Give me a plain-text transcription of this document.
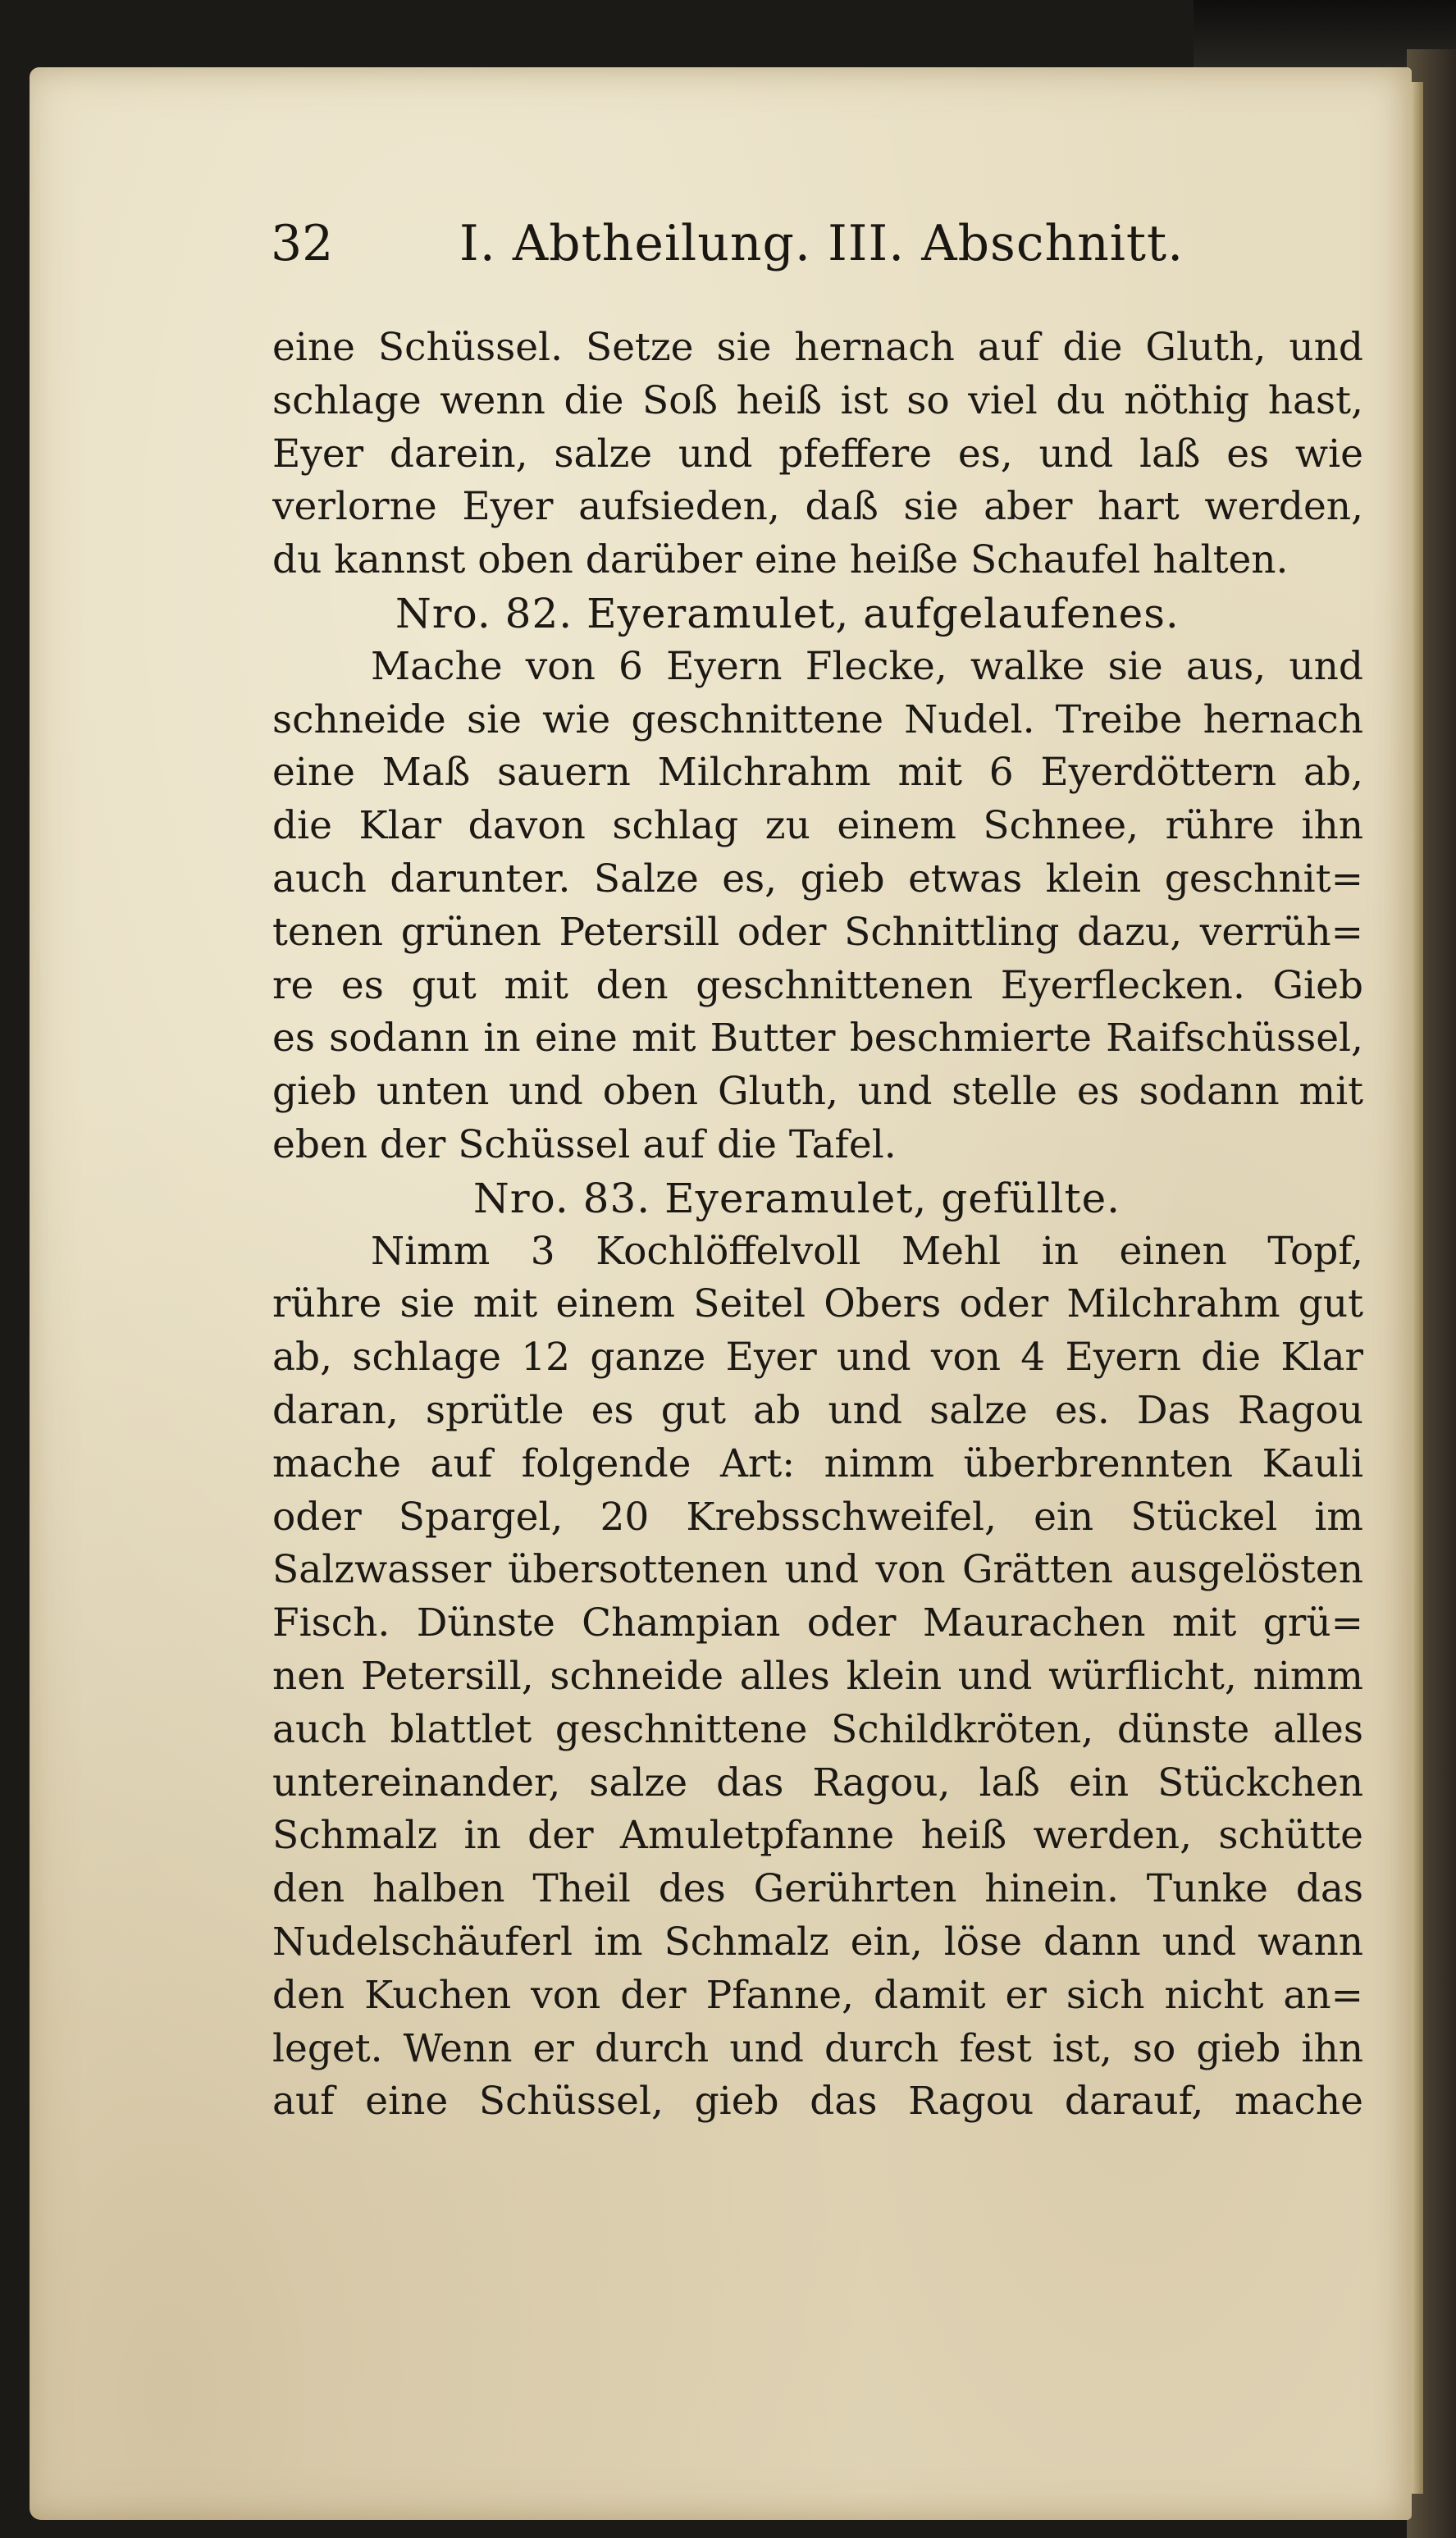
32	I. Abtheilung. III. Abschnitt.
eine Schüssel. Setze sie hernach auf die Gluth, und
schlage wenn die Soß heiß ist so viel du nöthig hast,
Eyer darein, salze und pfeffere es, und laß es wie
verlorne Eyer aufsieden, daß sie aber hart werden,
du kannst oben darüber eine heiße Schaufel halten.
Nro. 82. Eyeramulet, aufgelaufenes.
Mache von 6 Eyern Flecke, walke sie aus, und
schneide sie wie geschnittene Nudel. Treibe hernach
eine Maß sauern Milchrahm mit 6 Eyerdöttern ab,
die Klar davon schlag zu einem Schnee, rühre ihn
auch darunter. Salze es, gieb etwas klein geschnit=
tenen grünen Petersill oder Schnittling dazu, verrüh=
re es gut mit den geschnittenen Eyerflecken. Gieb
es sodann in eine mit Butter beschmierte Raifschüssel,
gieb unten und oben Gluth, und stelle es sodann mit
eben der Schüssel auf die Tafel.
Nro. 83. Eyeramulet, gefüllte.
Nimm 3 Kochlöffelvoll Mehl in einen Topf,
rühre sie mit einem Seitel Obers oder Milchrahm gut
ab, schlage 12 ganze Eyer und von 4 Eyern die Klar
daran, sprütle es gut ab und salze es. Das Ragou
mache auf folgende Art: nimm überbrennten Kauli
oder Spargel, 20 Krebsschweifel, ein Stückel im
Salzwasser übersottenen und von Grätten ausgelösten
Fisch. Dünste Champian oder Maurachen mit grü=
nen Petersill, schneide alles klein und würflicht, nimm
auch blattlet geschnittene Schildkröten, dünste alles
untereinander, salze das Ragou, laß ein Stückchen
Schmalz in der Amuletpfanne heiß werden, schütte
den halben Theil des Gerührten hinein. Tunke das
Nudelschäuferl im Schmalz ein, löse dann und wann
den Kuchen von der Pfanne, damit er sich nicht an=
leget. Wenn er durch und durch fest ist, so gieb ihn
auf eine Schüssel, gieb das Ragou darauf, mache
